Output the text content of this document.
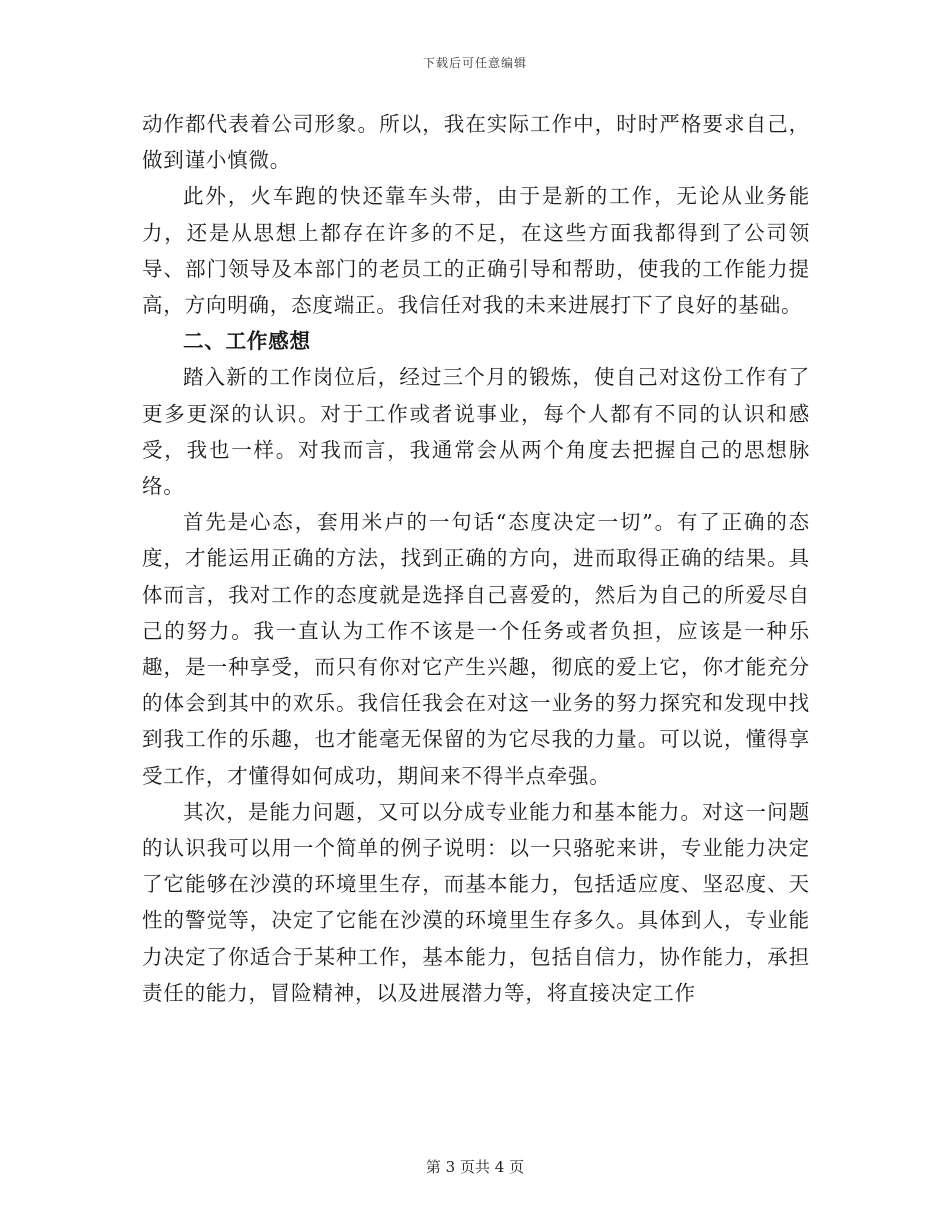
下载后可任意编辑

动作都代表着公司形象。所以，我在实际工作中，时时严格要求自己，做到谨小慎微。

此外，火车跑的快还靠车头带，由于是新的工作，无论从业务能力，还是从思想上都存在许多的不足，在这些方面我都得到了公司领导、部门领导及本部门的老员工的正确引导和帮助，使我的工作能力提高，方向明确，态度端正。我信任对我的未来进展打下了良好的基础。

二、工作感想

踏入新的工作岗位后，经过三个月的锻炼，使自己对这份工作有了更多更深的认识。对于工作或者说事业，每个人都有不同的认识和感受，我也一样。对我而言，我通常会从两个角度去把握自己的思想脉络。

首先是心态，套用米卢的一句话“态度决定一切”。有了正确的态度，才能运用正确的方法，找到正确的方向，进而取得正确的结果。具体而言，我对工作的态度就是选择自己喜爱的，然后为自己的所爱尽自己的努力。我一直认为工作不该是一个任务或者负担，应该是一种乐趣，是一种享受，而只有你对它产生兴趣，彻底的爱上它，你才能充分的体会到其中的欢乐。我信任我会在对这一业务的努力探究和发现中找到我工作的乐趣，也才能毫无保留的为它尽我的力量。可以说，懂得享受工作，才懂得如何成功，期间来不得半点牵强。

其次，是能力问题，又可以分成专业能力和基本能力。对这一问题的认识我可以用一个简单的例子说明：以一只骆驼来讲，专业能力决定了它能够在沙漠的环境里生存，而基本能力，包括适应度、坚忍度、天性的警觉等，决定了它能在沙漠的环境里生存多久。具体到人，专业能力决定了你适合于某种工作，基本能力，包括自信力，协作能力，承担责任的能力，冒险精神，以及进展潜力等，将直接决定工作

第 3 页共 4 页
